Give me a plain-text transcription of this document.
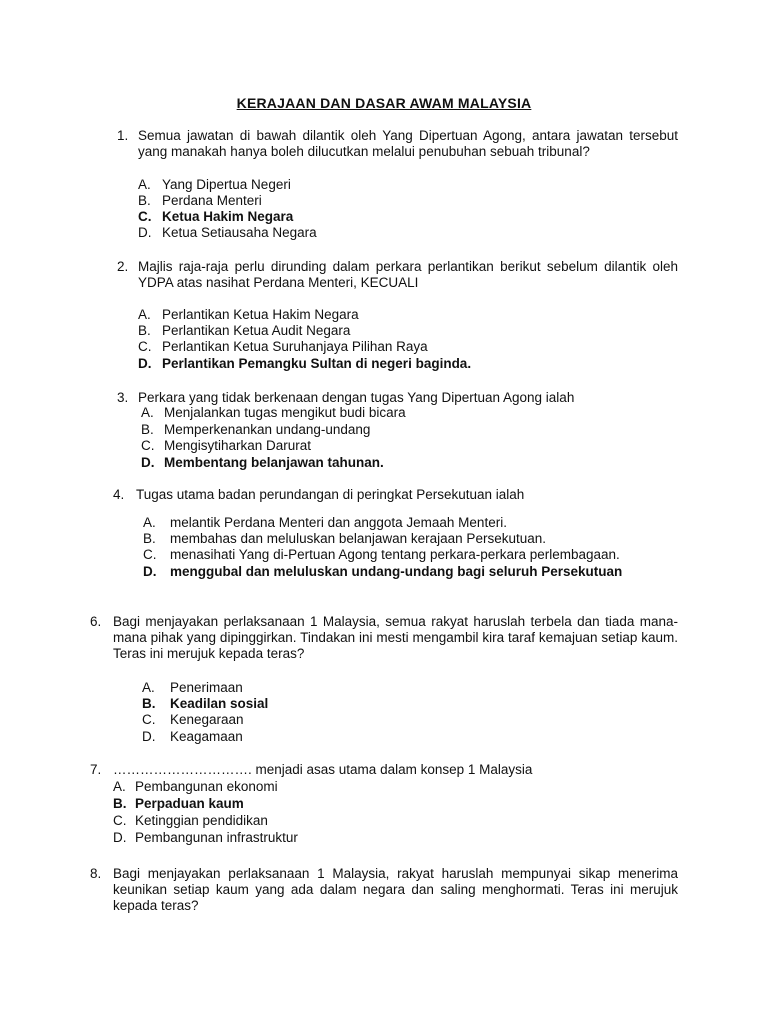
KERAJAAN DAN DASAR AWAM MALAYSIA
1. Semua jawatan di bawah dilantik oleh Yang Dipertuan Agong, antara jawatan tersebut yang manakah hanya boleh dilucutkan melalui penubuhan sebuah tribunal?
A. Yang Dipertua Negeri
B. Perdana Menteri
C. Ketua Hakim Negara
D. Ketua Setiausaha Negara
2. Majlis raja-raja perlu dirunding dalam perkara perlantikan berikut sebelum dilantik oleh YDPA atas nasihat Perdana Menteri, KECUALI
A. Perlantikan Ketua Hakim Negara
B. Perlantikan Ketua Audit Negara
C. Perlantikan Ketua Suruhanjaya Pilihan Raya
D. Perlantikan Pemangku Sultan di negeri baginda.
3. Perkara yang tidak berkenaan dengan tugas Yang Dipertuan Agong ialah
A. Menjalankan tugas mengikut budi bicara
B. Memperkenankan undang-undang
C. Mengisytiharkan Darurat
D. Membentang belanjawan tahunan.
4. Tugas utama badan perundangan di peringkat Persekutuan ialah
A. melantik Perdana Menteri dan anggota Jemaah Menteri.
B. membahas dan meluluskan belanjawan kerajaan Persekutuan.
C. menasihati Yang di-Pertuan Agong tentang perkara-perkara perlembagaan.
D. menggubal dan meluluskan undang-undang bagi seluruh Persekutuan
6. Bagi menjayakan perlaksanaan 1 Malaysia, semua rakyat haruslah terbela dan tiada mana-mana pihak yang dipinggirkan. Tindakan ini mesti mengambil kira taraf kemajuan setiap kaum. Teras ini merujuk kepada teras?
A. Penerimaan
B. Keadilan sosial
C. Kenegaraan
D. Keagamaan
7. …………………………. menjadi asas utama dalam konsep 1 Malaysia
A. Pembangunan ekonomi
B. Perpaduan kaum
C. Ketinggian pendidikan
D. Pembangunan infrastruktur
8. Bagi menjayakan perlaksanaan 1 Malaysia, rakyat haruslah mempunyai sikap menerima keunikan setiap kaum yang ada dalam negara dan saling menghormati. Teras ini merujuk kepada teras?
